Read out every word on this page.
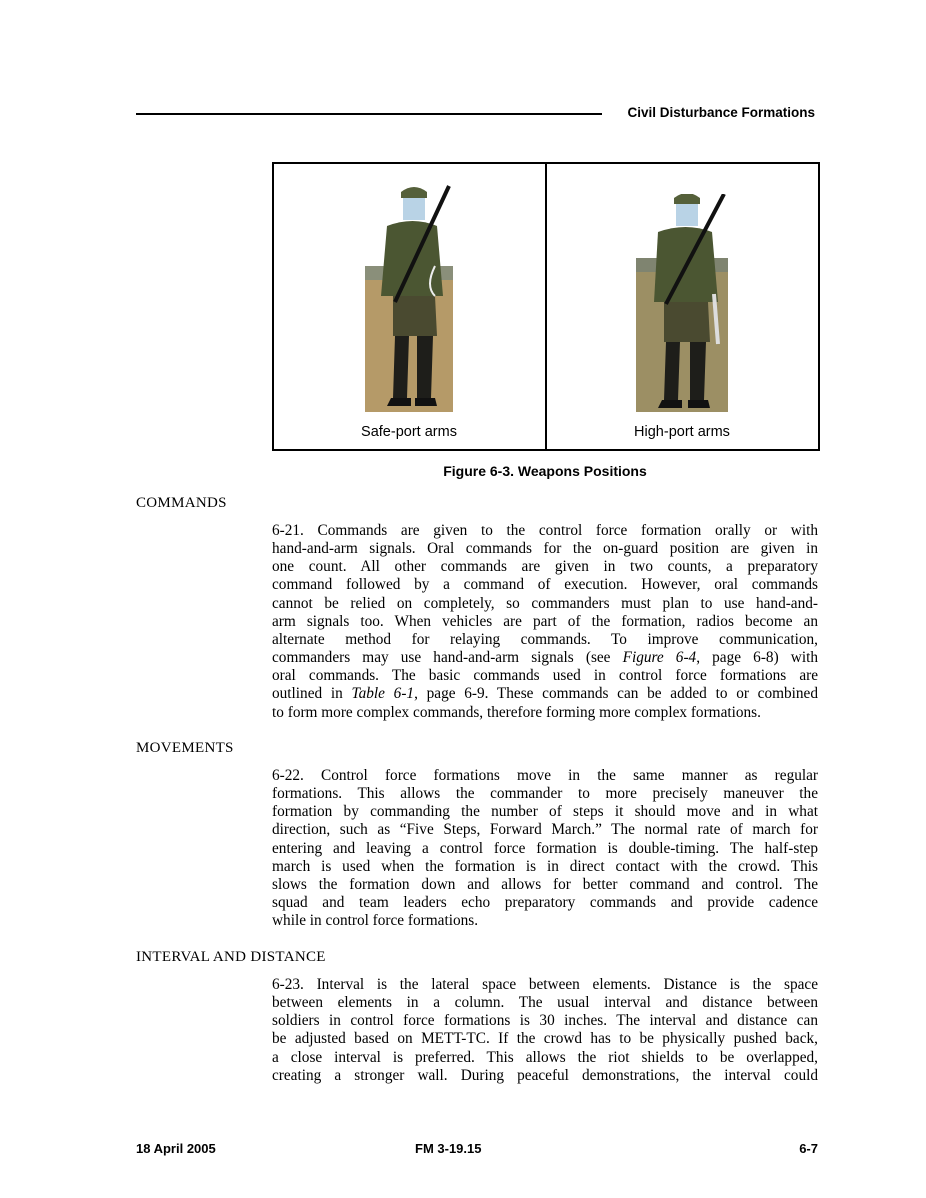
Civil Disturbance Formations
Safe-port arms	High-port arms
Figure 6-3. Weapons Positions
COMMANDS
6-21. Commands are given to the control force formation orally or with
hand-and-arm signals. Oral commands for the on-guard position are given in
one count. All other commands are given in two counts, a preparatory
command followed by a command of execution. However, oral commands
cannot be relied on completely, so commanders must plan to use hand-and-
arm signals too. When vehicles are part of the formation, radios become an
alternate method for relaying commands. To improve communication,
commanders may use hand-and-arm signals (see Figure 6-4, page 6-8) with
oral commands. The basic commands used in control force formations are
outlined in Table 6-1, page 6-9. These commands can be added to or combined
to form more complex commands, therefore forming more complex formations.
MOVEMENTS
6-22. Control force formations move in the same manner as regular
formations. This allows the commander to more precisely maneuver the
formation by commanding the number of steps it should move and in what
direction, such as “Five Steps, Forward March.” The normal rate of march for
entering and leaving a control force formation is double-timing. The half-step
march is used when the formation is in direct contact with the crowd. This
slows the formation down and allows for better command and control. The
squad and team leaders echo preparatory commands and provide cadence
while in control force formations.
INTERVAL AND DISTANCE
6-23. Interval is the lateral space between elements. Distance is the space
between elements in a column. The usual interval and distance between
soldiers in control force formations is 30 inches. The interval and distance can
be adjusted based on METT-TC. If the crowd has to be physically pushed back,
a close interval is preferred. This allows the riot shields to be overlapped,
creating a stronger wall. During peaceful demonstrations, the interval could
18 April 2005	FM 3-19.15	6-7
